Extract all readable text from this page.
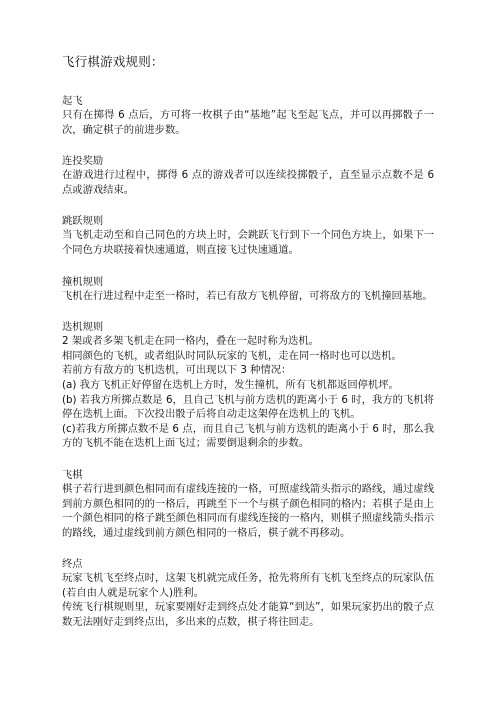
飞行棋游戏规则：
起飞
只有在掷得 6 点后，方可将一枚棋子由“基地”起飞至起飞点，并可以再掷骰子一次，确定棋子的前进步数。
连投奖励
在游戏进行过程中，掷得 6 点的游戏者可以连续投掷骰子，直至显示点数不是 6 点或游戏结束。
跳跃规则
当飞机走动至和自己同色的方块上时，会跳跃飞行到下一个同色方块上，如果下一个同色方块联接着快速通道，则直接飞过快速通道。
撞机规则
飞机在行进过程中走至一格时，若已有敌方飞机停留，可将敌方的飞机撞回基地。
迭机规则
2 架或者多架飞机走在同一格内，叠在一起时称为迭机。
相同颜色的飞机，或者组队时同队玩家的飞机，走在同一格时也可以迭机。
若前方有敌方的飞机迭机，可出现以下 3 种情况：
(a) 我方飞机正好停留在迭机上方时，发生撞机，所有飞机都返回停机坪。
(b) 若我方所掷点数是 6，且自己飞机与前方迭机的距离小于 6 时，我方的飞机将停在迭机上面。下次投出骰子后将自动走这架停在迭机上的飞机。
(c)若我方所掷点数不是 6 点，而且自己飞机与前方迭机的距离小于 6 时，那么我方的飞机不能在迭机上面飞过；需要倒退剩余的步数。
飞棋
棋子若行进到颜色相同而有虚线连接的一格，可照虚线箭头指示的路线，通过虚线到前方颜色相同的的一格后，再跳至下一个与棋子颜色相同的格内；若棋子是由上一个颜色相同的格子跳至颜色相同而有虚线连接的一格内，则棋子照虚线箭头指示的路线，通过虚线到前方颜色相同的一格后，棋子就不再移动。
终点
玩家飞机飞至终点时，这架飞机就完成任务，抢先将所有飞机飞至终点的玩家队伍(若自由人就是玩家个人)胜利。
传统飞行棋规则里，玩家要刚好走到终点处才能算“到达”，如果玩家扔出的骰子点数无法刚好走到终点出，多出来的点数，棋子将往回走。
